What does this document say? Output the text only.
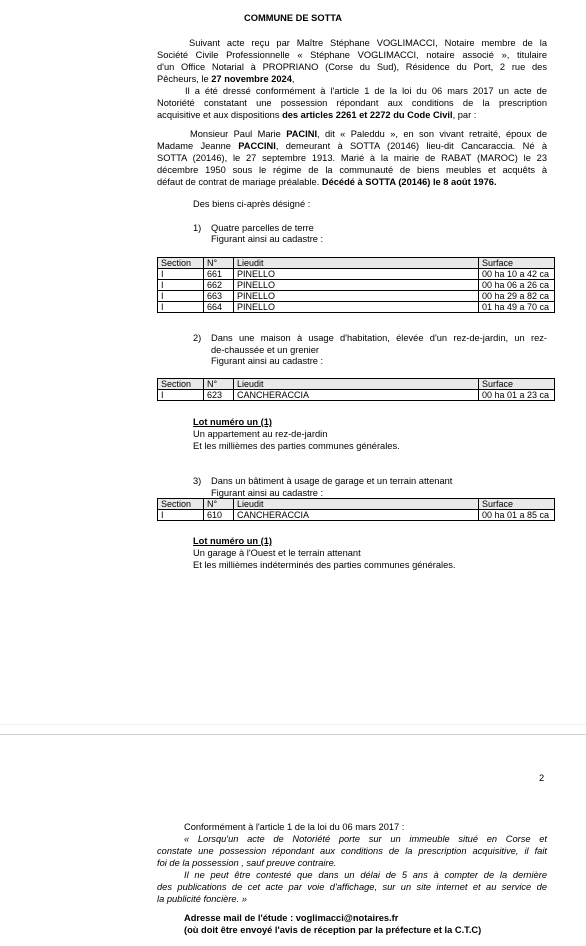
COMMUNE DE SOTTA
Suivant acte reçu par Maître Stéphane VOGLIMACCI, Notaire membre de la
Société Civile Professionnelle « Stéphane VOGLIMACCI, notaire associé », titulaire
d'un Office Notarial à PROPRIANO (Corse du Sud), Résidence du Port, 2 rue des
Pêcheurs, le 27 novembre 2024,
Il a été dressé conformément à l'article 1 de la loi du 06 mars 2017 un acte de
Notoriété constatant une possession répondant aux conditions de la prescription
acquisitive et aux dispositions des articles 2261 et 2272 du Code Civil, par :
Monsieur Paul Marie PACINI, dit « Paleddu », en son vivant retraité, époux de
Madame Jeanne PACCINI, demeurant à SOTTA (20146) lieu-dit Cancaraccia. Né à
SOTTA (20146), le 27 septembre 1913. Marié à la mairie de RABAT (MAROC) le 23
décembre 1950 sous le régime de la communauté de biens meubles et acquêts à
défaut de contrat de mariage préalable. Décédé à SOTTA (20146) le 8 août 1976.
Des biens ci-après désigné :
1) Quatre parcelles de terre
Figurant ainsi au cadastre :
Section	N°	Lieudit	Surface
I	661	PINELLO	00 ha 10 a 42 ca
I	662	PINELLO	00 ha 06 a 26 ca
I	663	PINELLO	00 ha 29 a 82 ca
I	664	PINELLO	01 ha 49 a 70 ca
2) Dans une maison à usage d'habitation, élevée d'un rez-de-jardin, un rez-
de-chaussée et un grenier
Figurant ainsi au cadastre :
Section	N°	Lieudit	Surface
I	623	CANCHERACCIA	00 ha 01 a 23 ca
Lot numéro un (1)
Un appartement au rez-de-jardin
Et les millièmes des parties communes générales.
3) Dans un bâtiment à usage de garage et un terrain attenant
Figurant ainsi au cadastre :
Section	N°	Lieudit	Surface
I	610	CANCHERACCIA	00 ha 01 a 85 ca
Lot numéro un (1)
Un garage à l'Ouest et le terrain attenant
Et les millièmes indéterminés des parties communes générales.
2
Conformément à l'article 1 de la loi du 06 mars 2017 :
« Lorsqu'un acte de Notoriété porte sur un immeuble situé en Corse et
constate une possession répondant aux conditions de la prescription acquisitive, il fait
foi de la possession , sauf preuve contraire.
Il ne peut être contesté que dans un délai de 5 ans à compter de la dernière
des publications de cet acte par voie d'affichage, sur un site internet et au service de
la publicité foncière. »
Adresse mail de l'étude : voglimacci@notaires.fr
(où doit être envoyé l'avis de réception par la préfecture et la C.T.C)
